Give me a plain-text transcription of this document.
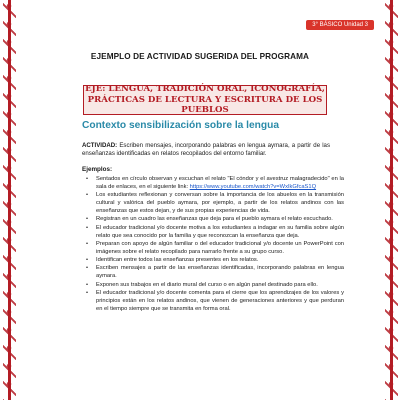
3° BÁSICO Unidad 3
EJEMPLO DE ACTIVIDAD SUGERIDA DEL PROGRAMA
EJE: LENGUA, TRADICIÓN ORAL, ICONOGRAFÍA,
PRÁCTICAS DE LECTURA Y ESCRITURA DE LOS PUEBLOS
Contexto sensibilización sobre la lengua
ACTIVIDAD: Escriben mensajes, incorporando palabras en lengua aymara, a partir de las enseñanzas identificadas en relatos recopilados del entorno familiar.
Ejemplos:
• Sentados en círculo observan y escuchan el relato "El cóndor y el avestruz malagradecido" en la sala de enlaces, en el siguiente link: https://www.youtube.com/watch?v=WxIkGfcaS1Q
• Los estudiantes reflexionan y conversan sobre la importancia de los abuelos en la transmisión cultural y valórica del pueblo aymara, por ejemplo, a partir de los relatos andinos con las enseñanzas que estos dejan, y de sus propias experiencias de vida.
• Registran en un cuadro las enseñanzas que deja para el pueblo aymara el relato escuchado.
• El educador tradicional y/o docente motiva a los estudiantes a indagar en su familia sobre algún relato que sea conocido por la familia y que reconozcan la enseñanza que deja.
• Preparan con apoyo de algún familiar o del educador tradicional y/o docente un PowerPoint con imágenes sobre el relato recopilado para narrarlo frente a su grupo curso.
• Identifican entre todos las enseñanzas presentes en los relatos.
• Escriben mensajes a partir de las enseñanzas identificadas, incorporando palabras en lengua aymara.
• Exponen sus trabajos en el diario mural del curso o en algún panel destinado para ello.
• El educador tradicional y/o docente comenta para el cierre que los aprendizajes de los valores y principios están en los relatos andinos, que vienen de generaciones anteriores y que perduran en el tiempo siempre que se transmita en forma oral.
